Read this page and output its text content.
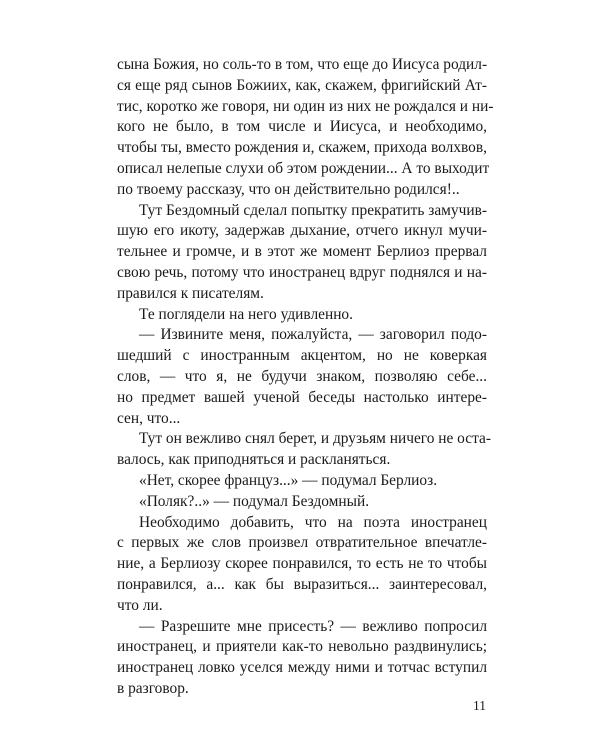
сына Божия, но соль-то в том, что еще до Иисуса родил-
ся еще ряд сынов Божиих, как, скажем, фригийский Ат-
тис, коротко же говоря, ни один из них не рождался и ни-
кого не было, в том числе и Иисуса, и необходимо,
чтобы ты, вместо рождения и, скажем, прихода волхвов,
описал нелепые слухи об этом рождении... А то выходит
по твоему рассказу, что он действительно родился!..
Тут Бездомный сделал попытку прекратить замучив-
шую его икоту, задержав дыхание, отчего икнул мучи-
тельнее и громче, и в этот же момент Берлиоз прервал
свою речь, потому что иностранец вдруг поднялся и на-
правился к писателям.
Те поглядели на него удивленно.
— Извините меня, пожалуйста, — заговорил подо-
шедший с иностранным акцентом, но не коверкая
слов, — что я, не будучи знаком, позволяю себе...
но предмет вашей ученой беседы настолько интере-
сен, что...
Тут он вежливо снял берет, и друзьям ничего не оста-
валось, как приподняться и раскланяться.
«Нет, скорее француз...» — подумал Берлиоз.
«Поляк?..» — подумал Бездомный.
Необходимо добавить, что на поэта иностранец
с первых же слов произвел отвратительное впечатле-
ние, а Берлиозу скорее понравился, то есть не то чтобы
понравился, а... как бы выразиться... заинтересовал,
что ли.
— Разрешите мне присесть? — вежливо попросил
иностранец, и приятели как-то невольно раздвинулись;
иностранец ловко уселся между ними и тотчас вступил
в разговор.
11
